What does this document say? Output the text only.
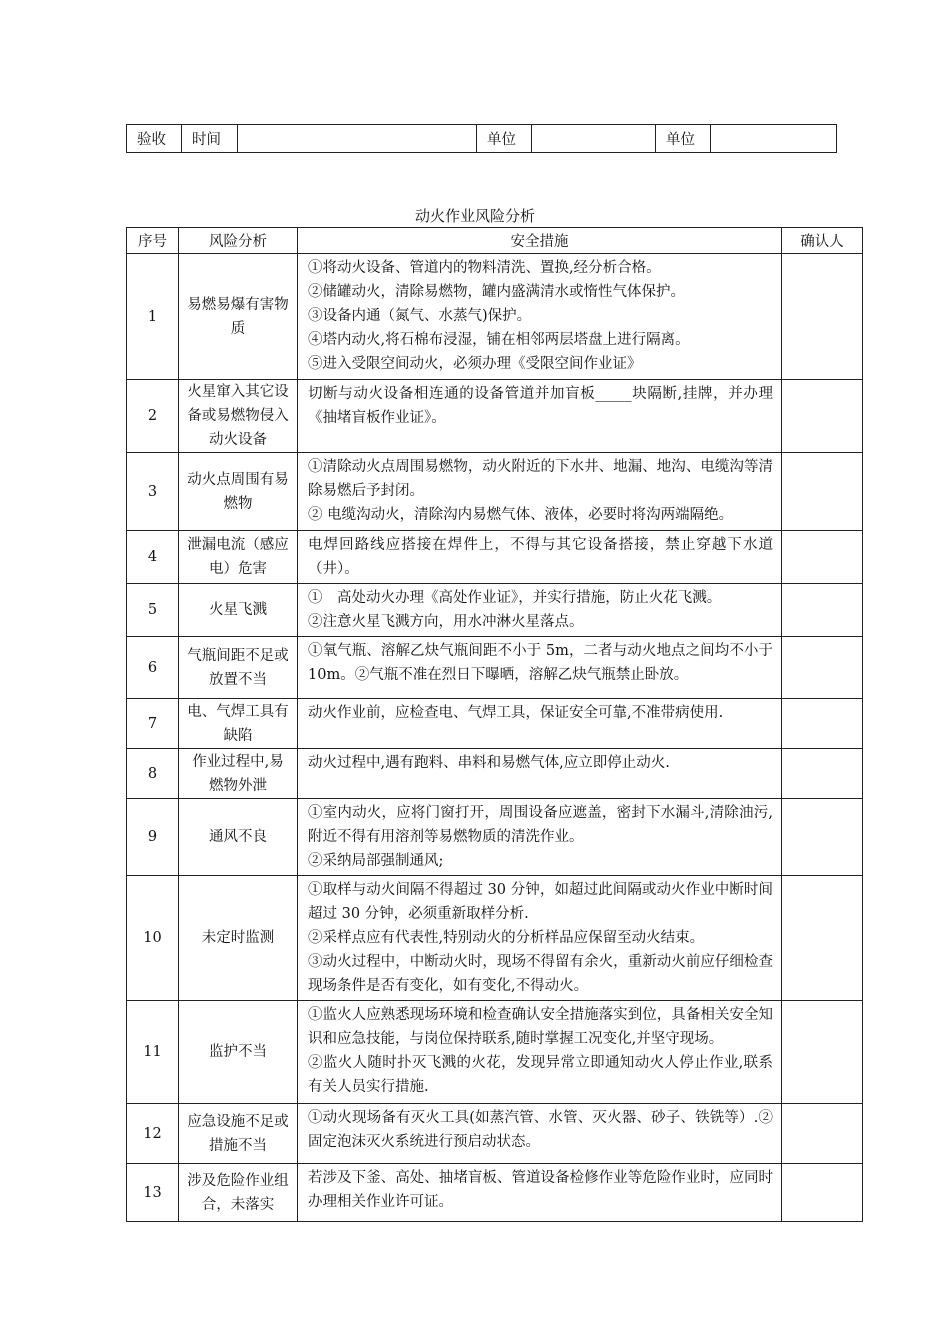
验收	时间		单位		单位	
动火作业风险分析
序号	风险分析	安全措施	确认人
1	易燃易爆有害物质	①将动火设备、管道内的物料清洗、置换,经分析合格。
②储罐动火，清除易燃物，罐内盛满清水或惰性气体保护。
③设备内通（氮气、水蒸气)保护。
④塔内动火,将石棉布浸湿，铺在相邻两层塔盘上进行隔离。
⑤进入受限空间动火，必须办理《受限空间作业证》	

2	火星窜入其它设备或易燃物侵入动火设备	切断与动火设备相连通的设备管道并加盲板_____块隔断,挂牌，并办理《抽堵盲板作业证》。	

3	动火点周围有易燃物	①清除动火点周围易燃物，动火附近的下水井、地漏、地沟、电缆沟等清除易燃后予封闭。
② 电缆沟动火，清除沟内易燃气体、液体，必要时将沟两端隔绝。	

4	泄漏电流（感应电）危害	电焊回路线应搭接在焊件上，不得与其它设备搭接，禁止穿越下水道（井）。	

5	火星飞溅	①　高处动火办理《高处作业证》，并实行措施，防止火花飞溅。
②注意火星飞溅方向，用水冲淋火星落点。	

6	气瓶间距不足或放置不当	①氧气瓶、溶解乙炔气瓶间距不小于 5m，二者与动火地点之间均不小于 10m。②气瓶不准在烈日下曝晒，溶解乙炔气瓶禁止卧放。	

7	电、气焊工具有缺陷	动火作业前，应检查电、气焊工具，保证安全可靠,不准带病使用.	

8	作业过程中,易燃物外泄	动火过程中,遇有跑料、串料和易燃气体,应立即停止动火.	

9	通风不良	①室内动火，应将门窗打开，周围设备应遮盖，密封下水漏斗,清除油污,附近不得有用溶剂等易燃物质的清洗作业。
②采纳局部强制通风;	

10	未定时监测	①取样与动火间隔不得超过 30 分钟，如超过此间隔或动火作业中断时间超过 30 分钟，必须重新取样分析.
②采样点应有代表性,特别动火的分析样品应保留至动火结束。
③动火过程中，中断动火时，现场不得留有余火，重新动火前应仔细检查现场条件是否有变化，如有变化,不得动火。	

11	监护不当	①监火人应熟悉现场环境和检查确认安全措施落实到位，具备相关安全知识和应急技能，与岗位保持联系,随时掌握工况变化,并坚守现场。
②监火人随时扑灭飞溅的火花，发现异常立即通知动火人停止作业,联系有关人员实行措施.	

12	应急设施不足或措施不当	①动火现场备有灭火工具(如蒸汽管、水管、灭火器、砂子、铁铣等）.②固定泡沫灭火系统进行预启动状态。	

13	涉及危险作业组合，未落实	若涉及下釜、高处、抽堵盲板、管道设备检修作业等危险作业时，应同时办理相关作业许可证。	
